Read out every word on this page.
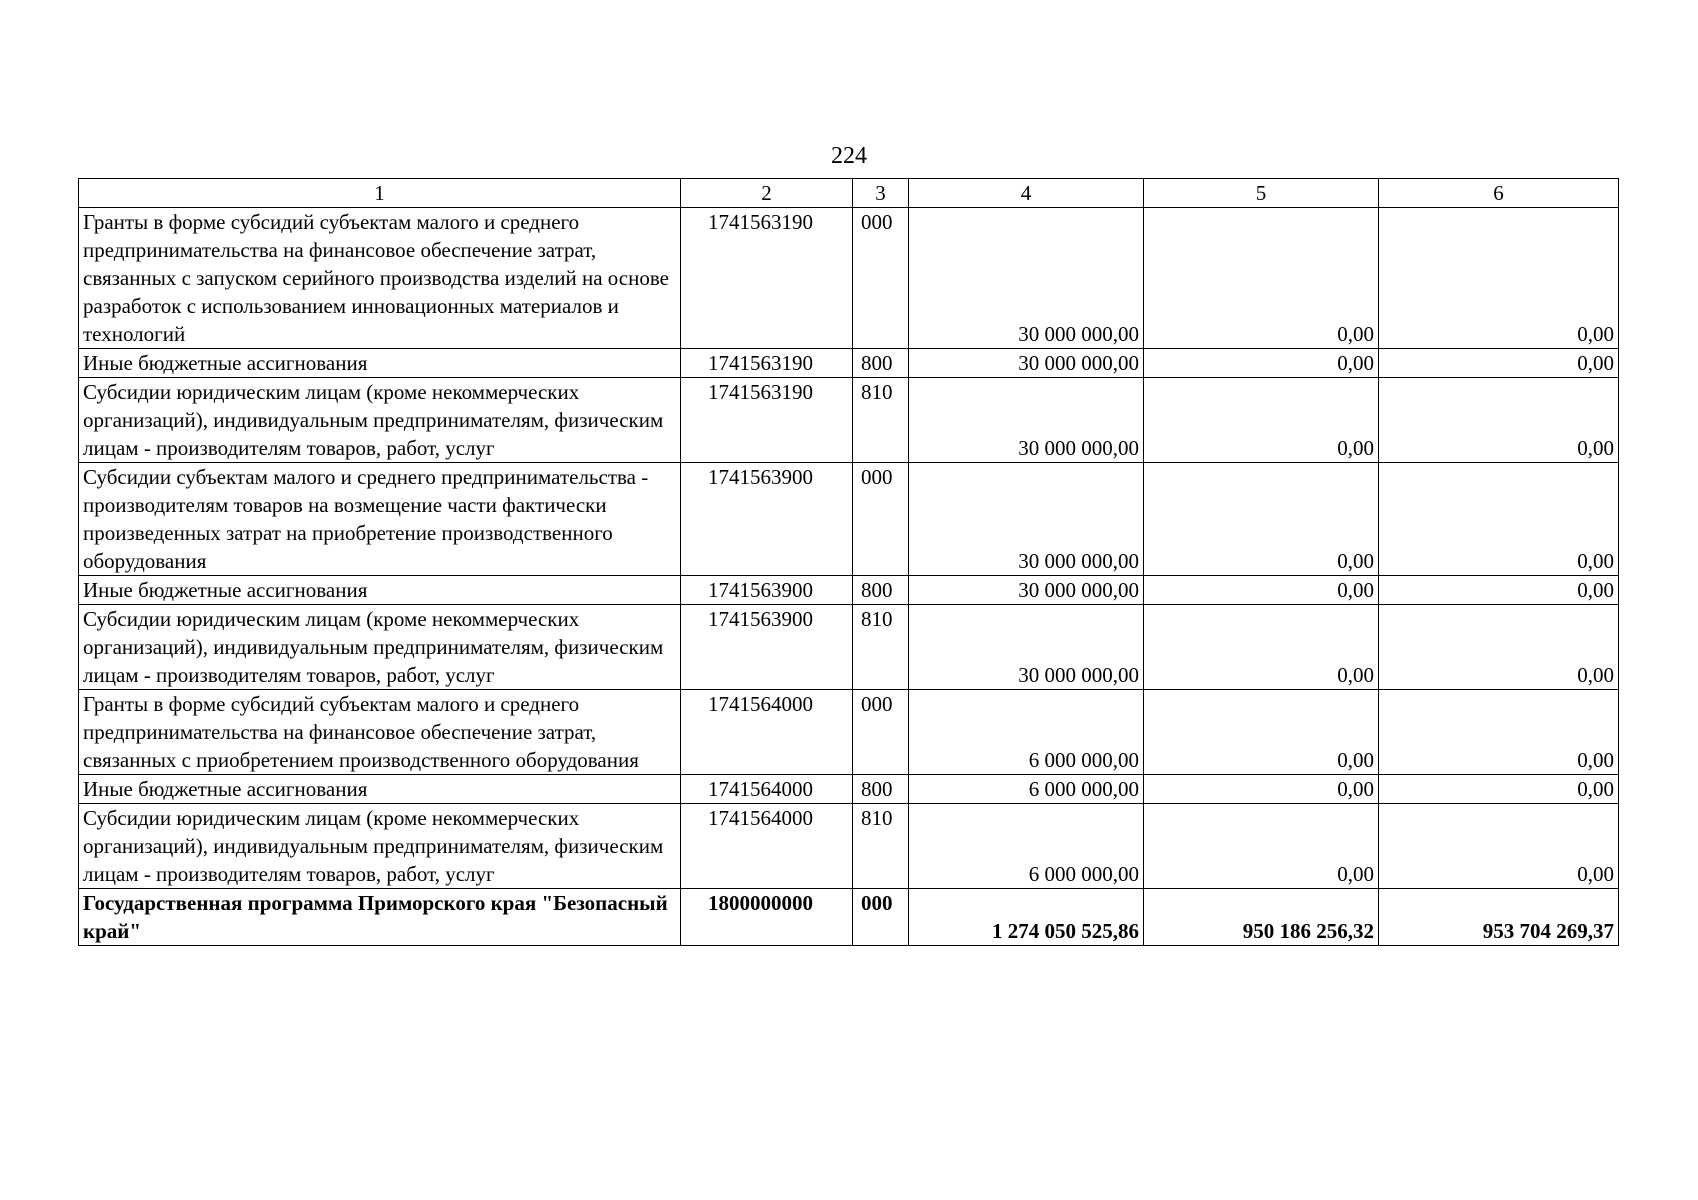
224
1	2	3	4	5	6
Гранты в форме субсидий субъектам малого и среднего предпринимательства на финансовое обеспечение затрат, связанных с запуском серийного производства изделий на основе разработок с использованием инновационных материалов и технологий	1741563190	000	30 000 000,00	0,00	0,00
Иные бюджетные ассигнования	1741563190	800	30 000 000,00	0,00	0,00
Субсидии юридическим лицам (кроме некоммерческих организаций), индивидуальным предпринимателям, физическим лицам - производителям товаров, работ, услуг	1741563190	810	30 000 000,00	0,00	0,00
Субсидии субъектам малого и среднего предпринимательства - производителям товаров на возмещение части фактически произведенных затрат на приобретение производственного оборудования	1741563900	000	30 000 000,00	0,00	0,00
Иные бюджетные ассигнования	1741563900	800	30 000 000,00	0,00	0,00
Субсидии юридическим лицам (кроме некоммерческих организаций), индивидуальным предпринимателям, физическим лицам - производителям товаров, работ, услуг	1741563900	810	30 000 000,00	0,00	0,00
Гранты в форме субсидий субъектам малого и среднего предпринимательства на финансовое обеспечение затрат, связанных с приобретением производственного оборудования	1741564000	000	6 000 000,00	0,00	0,00
Иные бюджетные ассигнования	1741564000	800	6 000 000,00	0,00	0,00
Субсидии юридическим лицам (кроме некоммерческих организаций), индивидуальным предпринимателям, физическим лицам - производителям товаров, работ, услуг	1741564000	810	6 000 000,00	0,00	0,00
Государственная программа Приморского края "Безопасный край"	1800000000	000	1 274 050 525,86	950 186 256,32	953 704 269,37
